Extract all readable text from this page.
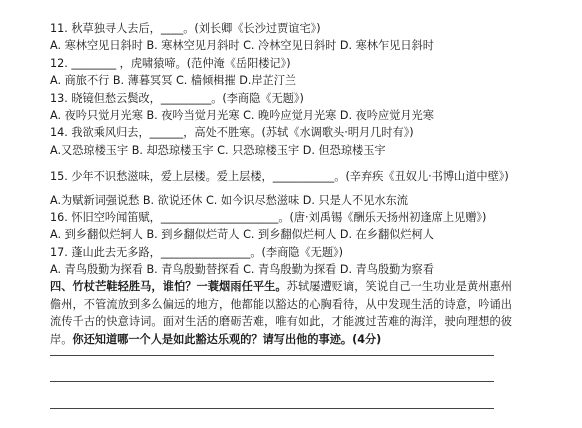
11. 秋草独寻人去后，____。(刘长卿《长沙过贾谊宅》)
A. 寒林空见日斜时 B. 寒林空见月斜时 C. 冷林空见日斜时 D. 寒林乍见日斜时
12. ________ ，虎啸猿啼。(范仲淹《岳阳楼记》)
A. 商旅不行 B. 薄暮冥冥 C. 樯倾楫摧 D.岸芷汀兰
13. 晓镜但愁云鬓改，_________。(李商隐《无题》)
A. 夜吟只觉月光寒 B. 夜吟当觉月光寒 C. 晚吟应觉月光寒 D. 夜吟应觉月光寒
14. 我欲乘风归去，______，高处不胜寒。(苏轼《水调歌头·明月几时有》)
A.又恐琼楼玉宇 B. 却恐琼楼玉宇 C. 只恐琼楼玉宇 D. 但恐琼楼玉宇
15. 少年不识愁滋味，爱上层楼。爱上层楼，___________。(辛弃疾《丑奴儿·书博山道中壁》)
A.为赋新词强说愁 B. 欲说还休 C. 如今识尽愁滋味 D. 只是人不见水东流
16. 怀旧空吟闻笛赋，_____________________。(唐·刘禹锡《酬乐天扬州初逢席上见赠》)
A. 到乡翻似烂轲人 B. 到乡翻似烂苛人 C. 到乡翻似烂柯人 D. 在乡翻似烂柯人
17. 蓬山此去无多路，________________。(李商隐《无题》)
A. 青鸟殷勤为探看 B. 青鸟殷勤替探看 C. 青鸟殷勤为探看 D. 青鸟殷勤为察看
四、竹杖芒鞋轻胜马，谁怕？一蓑烟雨任平生。苏轼屡遭贬谪，笑说自己一生功业是黄州惠州儋州，不管流放到多么偏远的地方，他都能以豁达的心胸看待，从中发现生活的诗意，吟诵出流传千古的快意诗词。面对生活的磨砺苦难，唯有如此，才能渡过苦难的海洋，驶向理想的彼岸。你还知道哪一个人是如此豁达乐观的？请写出他的事迹。(4分)
